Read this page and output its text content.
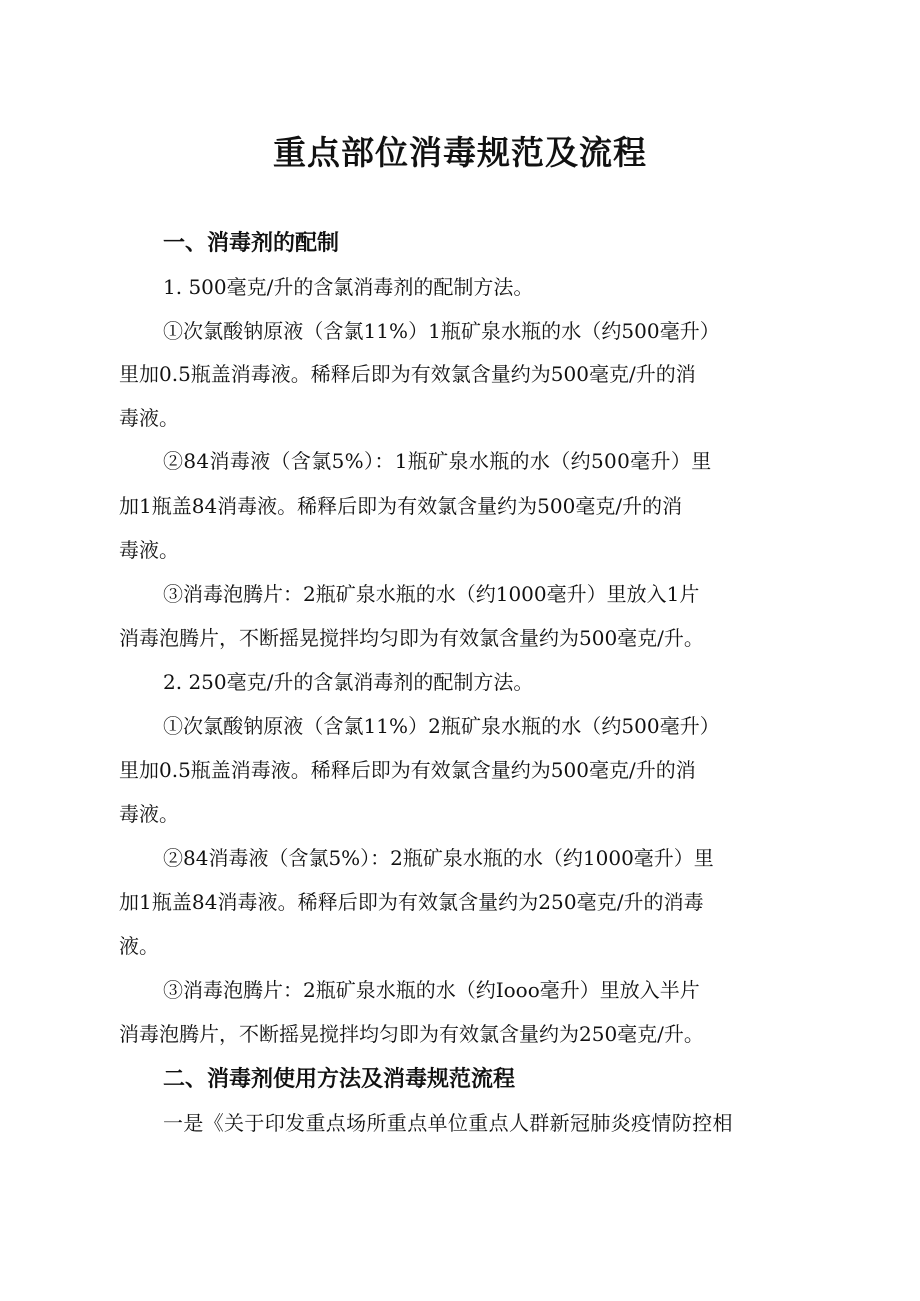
重点部位消毒规范及流程
一、消毒剂的配制
1. 500毫克/升的含氯消毒剂的配制方法。
①次氯酸钠原液（含氯11%）1瓶矿泉水瓶的水（约500毫升）
里加0.5瓶盖消毒液。稀释后即为有效氯含量约为500毫克/升的消
毒液。
②84消毒液（含氯5%）：1瓶矿泉水瓶的水（约500毫升）里
加1瓶盖84消毒液。稀释后即为有效氯含量约为500毫克/升的消
毒液。
③消毒泡腾片：2瓶矿泉水瓶的水（约1000毫升）里放入1片
消毒泡腾片，不断摇晃搅拌均匀即为有效氯含量约为500毫克/升。
2. 250毫克/升的含氯消毒剂的配制方法。
①次氯酸钠原液（含氯11%）2瓶矿泉水瓶的水（约500毫升）
里加0.5瓶盖消毒液。稀释后即为有效氯含量约为500毫克/升的消
毒液。
②84消毒液（含氯5%）：2瓶矿泉水瓶的水（约1000毫升）里
加1瓶盖84消毒液。稀释后即为有效氯含量约为250毫克/升的消毒
液。
③消毒泡腾片：2瓶矿泉水瓶的水（约Iooo毫升）里放入半片
消毒泡腾片，不断摇晃搅拌均匀即为有效氯含量约为250毫克/升。
二、消毒剂使用方法及消毒规范流程
一是《关于印发重点场所重点单位重点人群新冠肺炎疫情防控相
